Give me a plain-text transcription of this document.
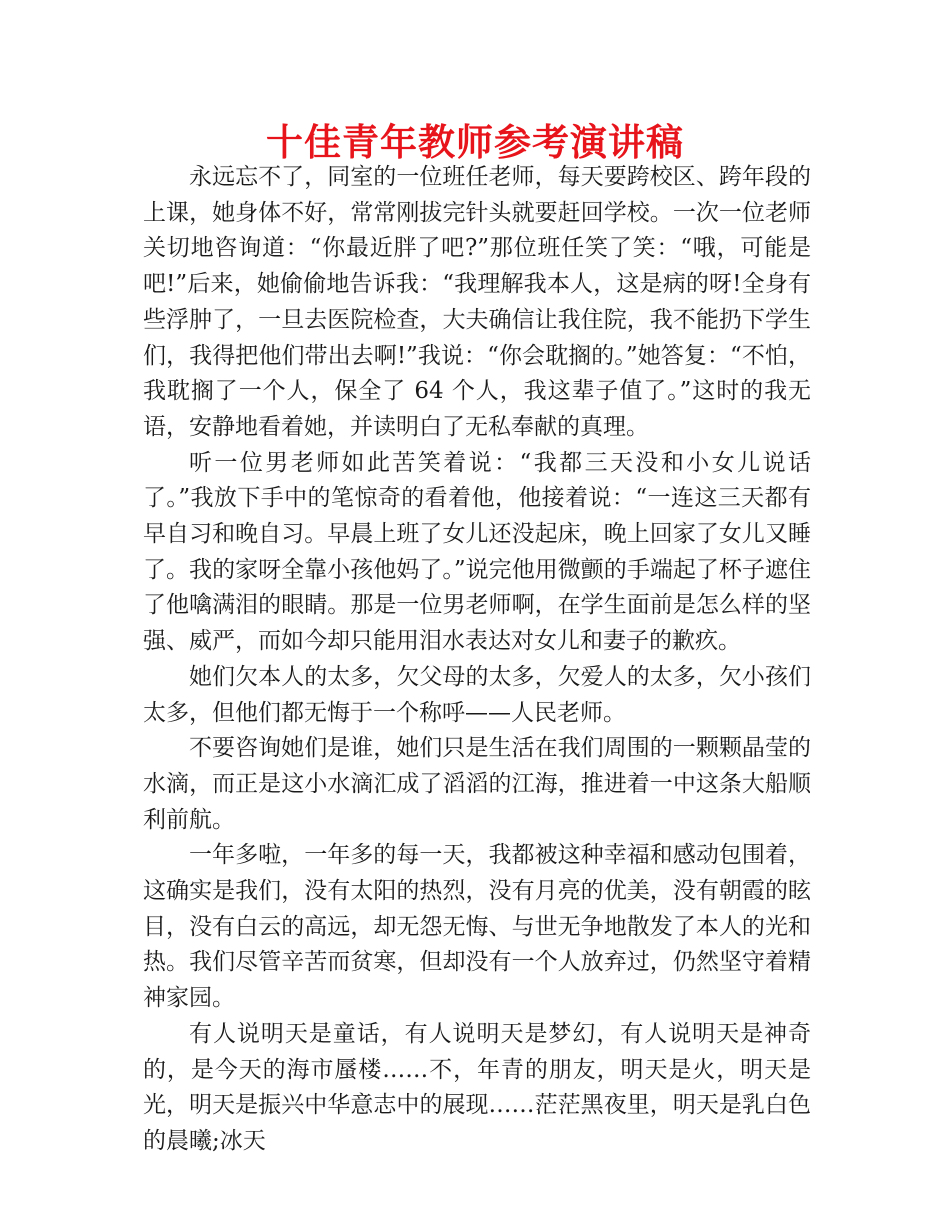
十佳青年教师参考演讲稿

永远忘不了，同室的一位班任老师，每天要跨校区、跨年段的上课，她身体不好，常常刚拔完针头就要赶回学校。一次一位老师关切地咨询道：“你最近胖了吧?”那位班任笑了笑：“哦，可能是吧!”后来，她偷偷地告诉我：“我理解我本人，这是病的呀!全身有些浮肿了，一旦去医院检查，大夫确信让我住院，我不能扔下学生们，我得把他们带出去啊!”我说：“你会耽搁的。”她答复：“不怕，我耽搁了一个人，保全了 64 个人，我这辈子值了。”这时的我无语，安静地看着她，并读明白了无私奉献的真理。

听一位男老师如此苦笑着说：“我都三天没和小女儿说话了。”我放下手中的笔惊奇的看着他，他接着说：“一连这三天都有早自习和晚自习。早晨上班了女儿还没起床，晚上回家了女儿又睡了。我的家呀全靠小孩他妈了。”说完他用微颤的手端起了杯子遮住了他噙满泪的眼睛。那是一位男老师啊，在学生面前是怎么样的坚强、威严，而如今却只能用泪水表达对女儿和妻子的歉疚。

她们欠本人的太多，欠父母的太多，欠爱人的太多，欠小孩们太多，但他们都无悔于一个称呼——人民老师。

不要咨询她们是谁，她们只是生活在我们周围的一颗颗晶莹的水滴，而正是这小水滴汇成了滔滔的江海，推进着一中这条大船顺利前航。

一年多啦，一年多的每一天，我都被这种幸福和感动包围着，这确实是我们，没有太阳的热烈，没有月亮的优美，没有朝霞的眩目，没有白云的高远，却无怨无悔、与世无争地散发了本人的光和热。我们尽管辛苦而贫寒，但却没有一个人放弃过，仍然坚守着精神家园。

有人说明天是童话，有人说明天是梦幻，有人说明天是神奇的，是今天的海市蜃楼……不，年青的朋友，明天是火，明天是光，明天是振兴中华意志中的展现……茫茫黑夜里，明天是乳白色的晨曦;冰天
